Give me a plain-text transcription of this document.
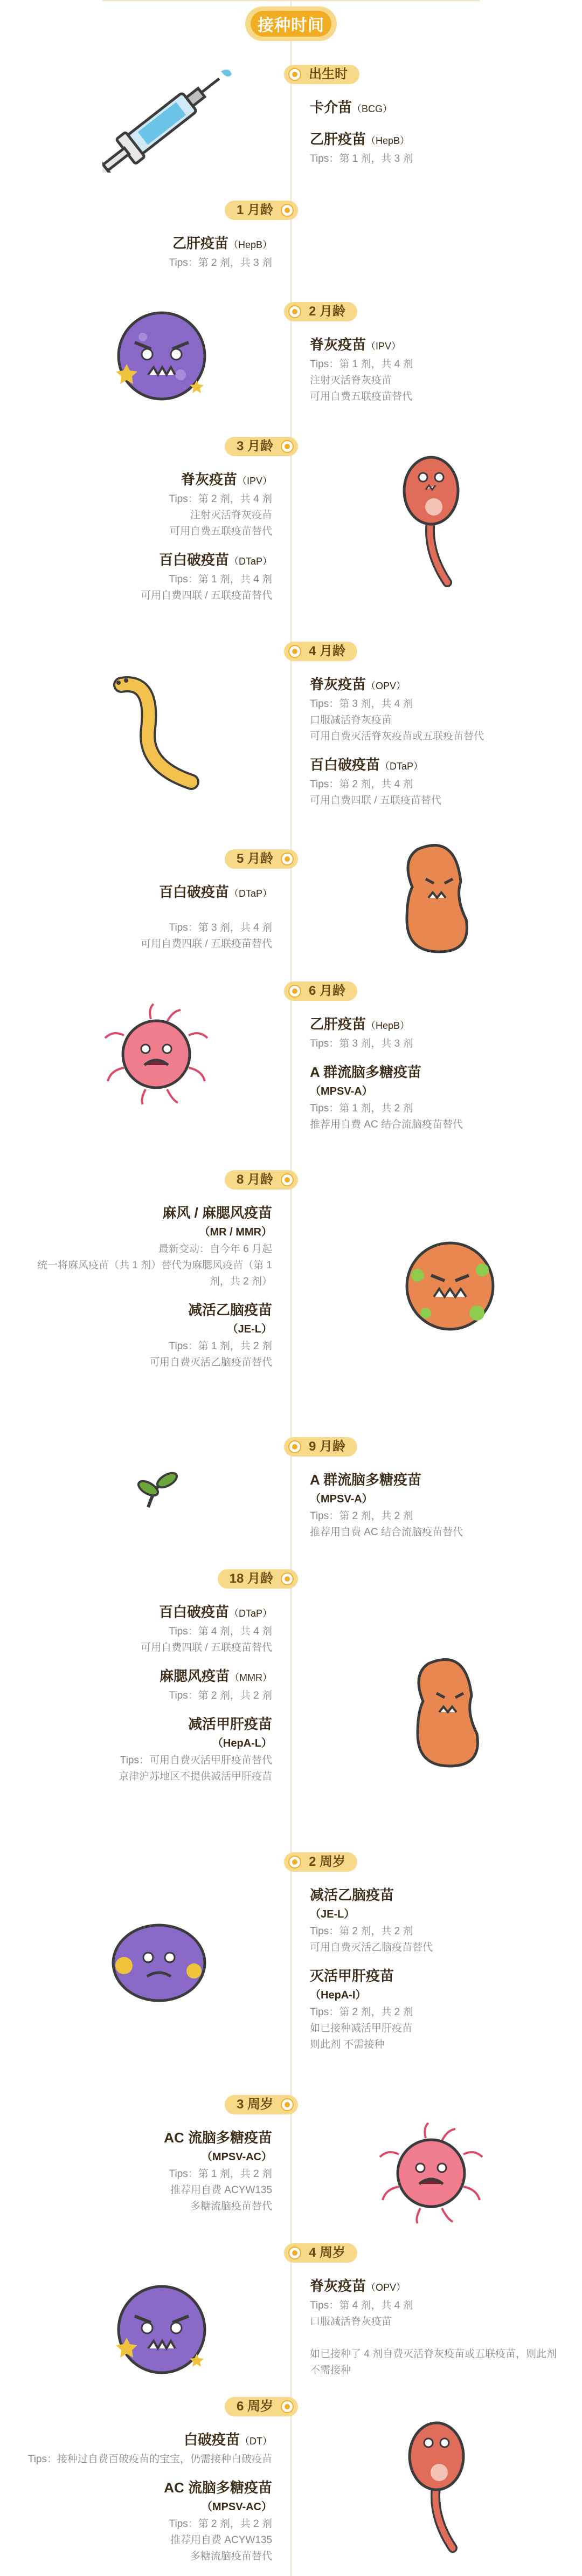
接种时间
出生时
卡介苗（BCG）
乙肝疫苗（HepB）
Tips：第 1 剂，共 3 剂
1 月龄
乙肝疫苗（HepB）
Tips：第 2 剂，共 3 剂
2 月龄
脊灰疫苗（IPV）
Tips：第 1 剂，共 4 剂
注射灭活脊灰疫苗
可用自费五联疫苗替代
3 月龄
脊灰疫苗（IPV）
Tips：第 2 剂，共 4 剂
注射灭活脊灰疫苗
可用自费五联疫苗替代
百白破疫苗（DTaP）
Tips：第 1 剂，共 4 剂
可用自费四联 / 五联疫苗替代
4 月龄
脊灰疫苗（OPV）
Tips：第 3 剂，共 4 剂
口服减活脊灰疫苗
可用自费灭活脊灰疫苗或五联疫苗替代
百白破疫苗（DTaP）
Tips：第 2 剂，共 4 剂
可用自费四联 / 五联疫苗替代
5 月龄
百白破疫苗（DTaP）
Tips：第 3 剂，共 4 剂
可用自费四联 / 五联疫苗替代
6 月龄
乙肝疫苗（HepB）
Tips：第 3 剂，共 3 剂
A 群流脑多糖疫苗
（MPSV-A）
Tips：第 1 剂，共 2 剂
推荐用自费 AC 结合流脑疫苗替代
8 月龄
麻风 / 麻腮风疫苗
（MR / MMR）
最新变动：自今年 6 月起
统一将麻风疫苗（共 1 剂）替代为麻腮风疫苗（第 1 剂，共 2 剂）
减活乙脑疫苗
（JE-L）
Tips：第 1 剂，共 2 剂
可用自费灭活乙脑疫苗替代
9 月龄
A 群流脑多糖疫苗
（MPSV-A）
Tips：第 2 剂，共 2 剂
推荐用自费 AC 结合流脑疫苗替代
18 月龄
百白破疫苗（DTaP）
Tips：第 4 剂，共 4 剂
可用自费四联 / 五联疫苗替代
麻腮风疫苗（MMR）
Tips：第 2 剂，共 2 剂
减活甲肝疫苗
（HepA-L）
Tips：可用自费灭活甲肝疫苗替代
京津沪苏地区不提供减活甲肝疫苗
2 周岁
减活乙脑疫苗
（JE-L）
Tips：第 2 剂，共 2 剂
可用自费灭活乙脑疫苗替代
灭活甲肝疫苗
（HepA-I）
Tips：第 2 剂，共 2 剂
如已接种减活甲肝疫苗
则此剂 不需接种
3 周岁
AC 流脑多糖疫苗
（MPSV-AC）
Tips：第 1 剂，共 2 剂
推荐用自费 ACYW135
多糖流脑疫苗替代
4 周岁
脊灰疫苗（OPV）
Tips：第 4 剂，共 4 剂
口服减活脊灰疫苗
如已接种了 4 剂自费灭活脊灰疫苗或五联疫苗，则此剂
不需接种
6 周岁
白破疫苗（DT）
Tips：接种过自费百破疫苗的宝宝，仍需接种白破疫苗
AC 流脑多糖疫苗
（MPSV-AC）
Tips：第 2 剂，共 2 剂
推荐用自费 ACYW135
多糖流脑疫苗替代
